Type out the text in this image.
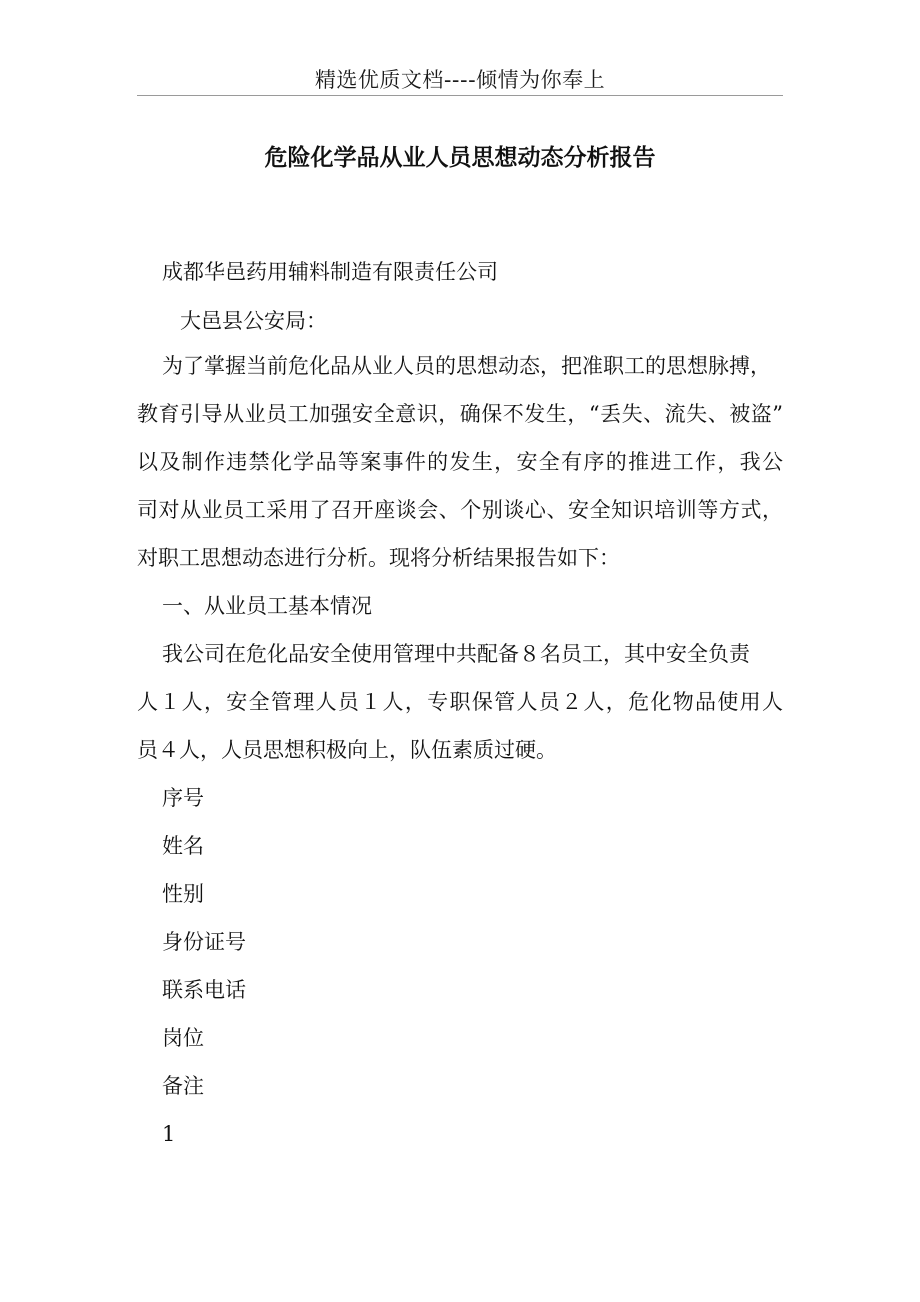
精选优质文档----倾情为你奉上
危险化学品从业人员思想动态分析报告
成都华邑药用辅料制造有限责任公司
大邑县公安局：
为了掌握当前危化品从业人员的思想动态，把准职工的思想脉搏，
教育引导从业员工加强安全意识，确保不发生，“丢失、流失、被盗”
以及制作违禁化学品等案事件的发生，安全有序的推进工作，我公
司对从业员工采用了召开座谈会、个别谈心、安全知识培训等方式，
对职工思想动态进行分析。现将分析结果报告如下：
一、从业员工基本情况
我公司在危化品安全使用管理中共配备８名员工，其中安全负责
人１人，安全管理人员１人，专职保管人员２人，危化物品使用人
员４人，人员思想积极向上，队伍素质过硬。
序号
姓名
性别
身份证号
联系电话
岗位
备注
1
